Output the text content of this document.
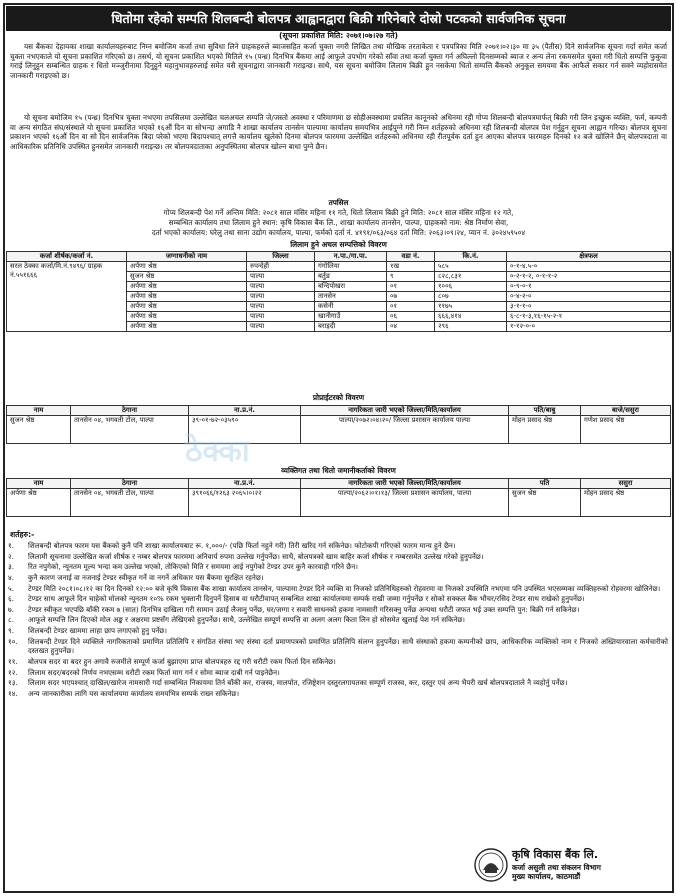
धितोमा रहेको सम्पति शिलबन्दी बोलपत्र आह्वानद्वारा बिक्री गरिनेबारे दोस्रो पटकको सार्वजनिक सूचना
(सूचना प्रकाशित मिति: २०७१।०७।२७ गते)
यस बैंकका देहायका शाखा कार्यालयहरुबाट निम्न बमोजिम कर्जा तथा सुविधा लिने ग्राहकहरुले ब्याजसहित कर्जा चुक्ता नगरी लिखित तथा मौखिक तरताकेता र पत्रपत्रिका मिति २०७१।०२।३० मा ३५ (पैतीस) दिने सार्वजनिक सूचना गर्दा समेत कर्जा चुक्ता नभएकाले यो सूचना प्रकाशित गरिएको छ। तसर्थ, यो सूचना प्रकाशित भएको मितिले १५ (पन्ध्र) दिनभित्र बैंकमा आई आफूले उपभोग गरेको साँवा तथा कर्जा चुक्ता गर्न अघिल्लो दिनसम्मको ब्याज र अन्य लेना रकमसमेत चुक्ता गरी धितो सम्पत्ति फुकुवा गराई लिनुहुन सम्बन्धित ग्राहक र धितो मञ्जुरीनामा दिनुहुने महानुभावहरुलाई समेत यसै सूचनाद्वारा जानकारी गराइन्छ। साथै, यस सूचना बमोजिम लिलाम बिक्री हुन नसकेमा धितो सम्पत्ति बैंकको अनुकूल समयमा बैंक आफैले सकार गर्न सक्ने व्यहोरासमेत जानकारी गराइएको छ।
यो सूचना बमोजिम १५ (पन्ध्र) दिनभित्र चुक्ता नभएमा तपसिलमा उल्लेखित चलअचल सम्पति जे/जस्तो अवस्था र परिमाणमा छ सोहीअवस्थामा प्रचलित कानूनको अधिनमा रही गोप्य शिलबन्दी बोलपत्रमार्फत् बिक्री गरी लिन इच्छुक व्यक्ति, फर्म, कम्पनी वा अन्य संगठित संघ/संस्थाले यो सूचना प्रकाशित भएको १६औं दिन वा सोभन्दा अगाडि नै शाखा कार्यालय तानसेन पाल्पामा कार्यालय समयभित्र आईपुग्ने गरी निम्न शर्तहरुको अधिनमा रही शिलबन्दी बोलपत्र पेश गर्नुहुन सूचना आह्वान गरिन्छ। बोलपत्र सूचना प्रकाशन भएको १६औं दिन वा सो दिन सार्वजनिक बिदा परेको भएमा बिदापश्चात् लगत्तै कार्यालय खुलेको दिनमा बोलपत्र फारममा उल्लेखित शर्तहरुको अधिनमा रही रीतपूर्वक दर्ता हुन आएका बोलपत्र फारमहरु दिनको १२ बजे खोलिने छैन् बोलपत्रदाता वा आधिकारिक प्रतिनिधि उपस्थित हुनसमेत जानकारी गराइन्छ। तर बोलपत्रदाताका अनुपस्थितमा बोलपत्र खोल्न बाधा पुग्ने छैन।
तपसिल
गोप्य शिलबन्दी पेश गर्ने अन्तिम मिति: २०८१ साल मंसिर महिना ११ गते, धितो लिलाम बिक्री हुने मिति: २०८१ साल मंसिर महिना १२ गते,
सम्बन्धित कार्यालय तथा लिलाम हुने स्थान: कृषि विकास बैंक लि., शाखा कार्यालय तानसेन, पाल्पा, ग्राहकको नाम: श्रेष्ठ निर्माण सेवा,
दर्ता भएको कार्यालय: घरेलु तथा साना उद्योग कार्यालय, पाल्पा, फर्मको दर्ता नं. ४१९१/०६३/०६४ दर्ता मिति: २०६३।०९।२४, प्यान नं. ३०२४५९५०४
लिलाम हुने अचल सम्पत्तिको विवरण
कर्जा शीर्षक/कर्जा नं.	जग्गाधनीको नाम	जिल्ला	न.पा./गा.पा.	वडा नं.	कि.नं.	क्षेत्रफल
सरल ठेक्का कर्जा/मि.नं.९४९६/ ग्राहक नं.५५१६६६	अर्पणा श्रेष्ठ	रुपन्देही	गंगोलिया	१ख	५८५	०-१-४.५-०
	सुजन श्रेष्ठ	पाल्पा	बर्तुङ	९	८२८,८३१	०-२-१-२, ०-१-१-२
	अर्पणा श्रेष्ठ	पाल्पा	बन्दिपोखरा	०१	१००६	०-९-०-१
	अर्पणा श्रेष्ठ	पाल्पा	तानसेन	०७	८०७	०-४-२-०
	अर्पणा श्रेष्ठ	पाल्पा	कसेनी	०१	११७५	३-१-१-०
	अर्पणा श्रेष्ठ	पाल्पा	खानीगाउँ	०६	६६६,४१४	६-८-१-३,१६-१५-२-१
	अर्पणा श्रेष्ठ	पाल्पा	बराइदी	०४	२९६	१-१२-०-०
प्रोप्राईटरको विवरण
नाम	ठेगाना	ना.प्र.नं.	नागरिकता जारी भएको जिल्ला/मिति/कार्यालय	पति/बाबु	बाजे/ससुरा
सुजन श्रेष्ठ	तानसेन ०४, भगवती टोल, पाल्पा	३९-०१-७२-०३५९०	पाल्पा/२०७२।०४।२०/ जिल्ला प्रशासन कार्यालय पाल्पा	मोहन प्रसाद श्रेष्ठ	गणेश प्रसाद श्रेष्ठ
ठेक्का
व्यक्तिगत तथा धितो जमानीकर्ताको विवरण
नाम	ठेगाना	ना.प्र.नं.	नागरिकता जारी भएको जिल्ला/मिति/कार्यालय	पति	ससुरा
अर्पणा श्रेष्ठ	तानसेन ०४, भगवती टोल, पाल्पा	३९१०६६/१२६३ २०६५।०।२२	पाल्पा/२०६२।०१।१३/ जिल्ला प्रशासन कार्यालय, पाल्पा	सुजन श्रेष्ठ	मोहन प्रसाद श्रेष्ठ
शर्तहरु:-
१.	शिलबन्दी बोलपत्र फारम यस बैंकको कुनै पनि शाखा कार्यालयबाट रू. १,०००/- (पछि फिर्ता नहुने गरी) तिरी खरिद गर्न सकिनेछ। फोटोकपी गरिएको फारम मान्य हुने छैन।
२.	लिलामी सूचनामा उल्लेखित कर्जा शीर्षक र नम्बर बोलपत्र फारममा अनिवार्य रुपमा उल्लेख गर्नुपर्नेछ। साथै, बोलपत्रको खाम बाहिर कर्जा शीर्षक र नम्बरसमेत उल्लेख गरेको हुनुपर्नेछ।
३.	रित नपुगेको, न्यूनतम मूल्य भन्दा कम उल्लेख भएको, तोकिएको मिति र समयमा आई नपुगेको टेण्डर उपर कुनै कारवाही गरिने छैन।
४.	कुनै कारण जनाई वा नजनाई टेण्डर स्वीकृत गर्ने वा नगर्ने अधिकार यस बैंकमा सुरक्षित रहनेछ।
५.	टेण्डर मिति २०८१।०८।१२ का दिन दिनको १२:०० बजे कृषि विकास बैंक शाखा कार्यालय तानसेन, पाल्पामा टेण्डर दिने व्यक्ति वा निजको प्रतिनिधिहरुको रोहवरमा वा निजको उपस्थिति नभएमा पनि उपस्थित भएसम्मका व्यक्तिहरुको रोहवरमा खोलिनेछ।
६.	टेण्डर साथ आफूले दिन चाहेको मोलको न्यूनतम १०% रकम भुक्तानी दिनुपर्ने हिसाब वा धरौटीवापत् सम्बन्धित शाखा कार्यालयमा सम्पर्क राखी जम्मा गर्नुपर्नेछ र सोको सक्कल बैंक भौचर/रसिद टेण्डर साथ राखेको हुनुपर्नेछ।
७.	टेण्डर स्वीकृत भएपछि बाँकी रकम ७ (सात) दिनभित्र दाखिला गरी सामान उठाई लैजानु पर्नेछ, घर/जग्गा र सवारी साधनको हकमा नामसारी गरिसक्नु पर्नेछ अन्यथा धरौटी जफत भई उक्त सम्पत्ति पुन: बिक्री गर्न सकिनेछ।
८.	आफूले सम्पत्ति लिन दिएको मोल अङ्क र अक्षरमा प्रष्टसँग लेखिएको हुनुपर्नेछ। साथै, उल्लेखित सम्पूर्ण सम्पत्ति वा अलग अलग किता लिन हो सोसमेत खुलाई पेश गर्न सकिनेछ।
९.	शिलबन्दी टेण्डर खाममा लाहा छाप लगाएको हुनु पर्नेछ।
१०.	शिलबन्दी टेण्डर दिने व्यक्तिले नागरिकताको प्रमाणित प्रतिलिपि र संगठित संस्था भए संस्था दर्ता प्रमाणपत्रको प्रमाणित प्रतिलिपि संलग्न हुनुपर्नेछ। साथै संस्थाको हकमा कम्पनीको छाप, आधिकारिक व्यक्तिको नाम र निजको अख्तियारवाला कर्मचारीको दस्तखत हुनुपर्नेछ।
११.	बोलपत्र सदर वा बदर हुन अगावै रुजमीले सम्पूर्ण कर्जा बुझाएमा प्राप्त बोलपत्रहरु रद्द गरी धरौटी रकम फिर्ता दिन सकिनेछ।
१२.	लिलाम सदर/बदरको निर्णय नभएसम्म धरौटी रकम फिर्ता माग गर्न र सोमा ब्याज दाबी गर्न पाइनेछैन।
१३.	लिलाम सदर भएपश्चात् दाखिल/खारेज नामसारी गर्दा सम्बन्धित निकायमा तिर्न बाँकी कर, राजस्व, मालपोत, रजिष्ट्रेशन दस्तुरलगायतका सम्पूर्ण राजस्व, कर, दस्तुर एवं अन्य भैपरी खर्च बोलपत्रदाताले नै व्यहोर्नु पर्नेछ।
१४.	अन्य जानकारीका लागि यस कार्यालयमा कार्यालय समयभित्र सम्पर्क राख्न सकिनेछ।
कृषि विकास बैंक लि.
कर्जा असुली तथा संकलन विभाग
मुख्य कार्यालय, काठमाडौं
